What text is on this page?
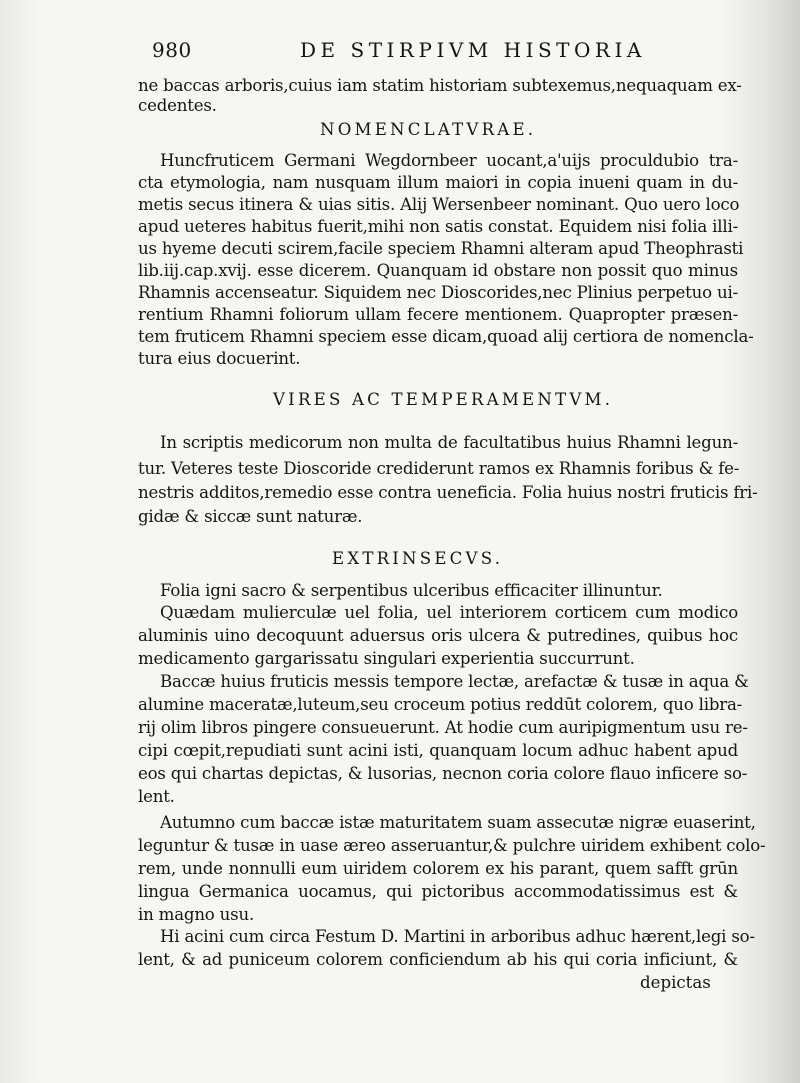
980	DE STIRPIVM HISTORIA
ne baccas arboris,cuius iam statim historiam subtexemus,nequaquam ex-
cedentes.
NOMENCLATVRAE.
Huncfruticem Germani Wegdornbeer uocant,a'uijs proculdubio tra-
cta etymologia, nam nusquam illum maiori in copia inueni quam in du-
metis secus itinera & uias sitis. Alij Wersenbeer nominant. Quo uero loco
apud ueteres habitus fuerit,mihi non satis constat. Equidem nisi folia illi-
us hyeme decuti scirem,facile speciem Rhamni alteram apud Theophrasti
lib.iij.cap.xvij. esse dicerem. Quanquam id obstare non possit quo minus
Rhamnis accenseatur. Siquidem nec Dioscorides,nec Plinius perpetuo ui-
rentium Rhamni foliorum ullam fecere mentionem. Quapropter præsen-
tem fruticem Rhamni speciem esse dicam,quoad alij certiora de nomencla-
tura eius docuerint.
VIRES AC TEMPERAMENTVM.
In scriptis medicorum non multa de facultatibus huius Rhamni legun-
tur. Veteres teste Dioscoride crediderunt ramos ex Rhamnis foribus & fe-
nestris additos,remedio esse contra ueneficia. Folia huius nostri fruticis fri-
gidæ & siccæ sunt naturæ.
EXTRINSECVS.
Folia igni sacro & serpentibus ulceribus efficaciter illinuntur.
Quædam mulierculæ uel folia, uel interiorem corticem cum modico
aluminis uino decoquunt aduersus oris ulcera & putredines, quibus hoc
medicamento gargarissatu singulari experientia succurrunt.
Baccæ huius fruticis messis tempore lectæ, arefactæ & tusæ in aqua &
alumine maceratæ,luteum,seu croceum potius reddūt colorem, quo libra-
rij olim libros pingere consueuerunt. At hodie cum auripigmentum usu re-
cipi cœpit,repudiati sunt acini isti, quanquam locum adhuc habent apud
eos qui chartas depictas, & lusorias, necnon coria colore flauo inficere so-
lent.
Autumno cum baccæ istæ maturitatem suam assecutæ nigræ euaserint,
leguntur & tusæ in uase æreo asseruantur,& pulchre uiridem exhibent colo-
rem, unde nonnulli eum uiridem colorem ex his parant, quem safft grūn
lingua Germanica uocamus, qui pictoribus accommodatissimus est &
in magno usu.
Hi acini cum circa Festum D. Martini in arboribus adhuc hærent,legi so-
lent, & ad puniceum colorem conficiendum ab his qui coria inficiunt, &
depictas
